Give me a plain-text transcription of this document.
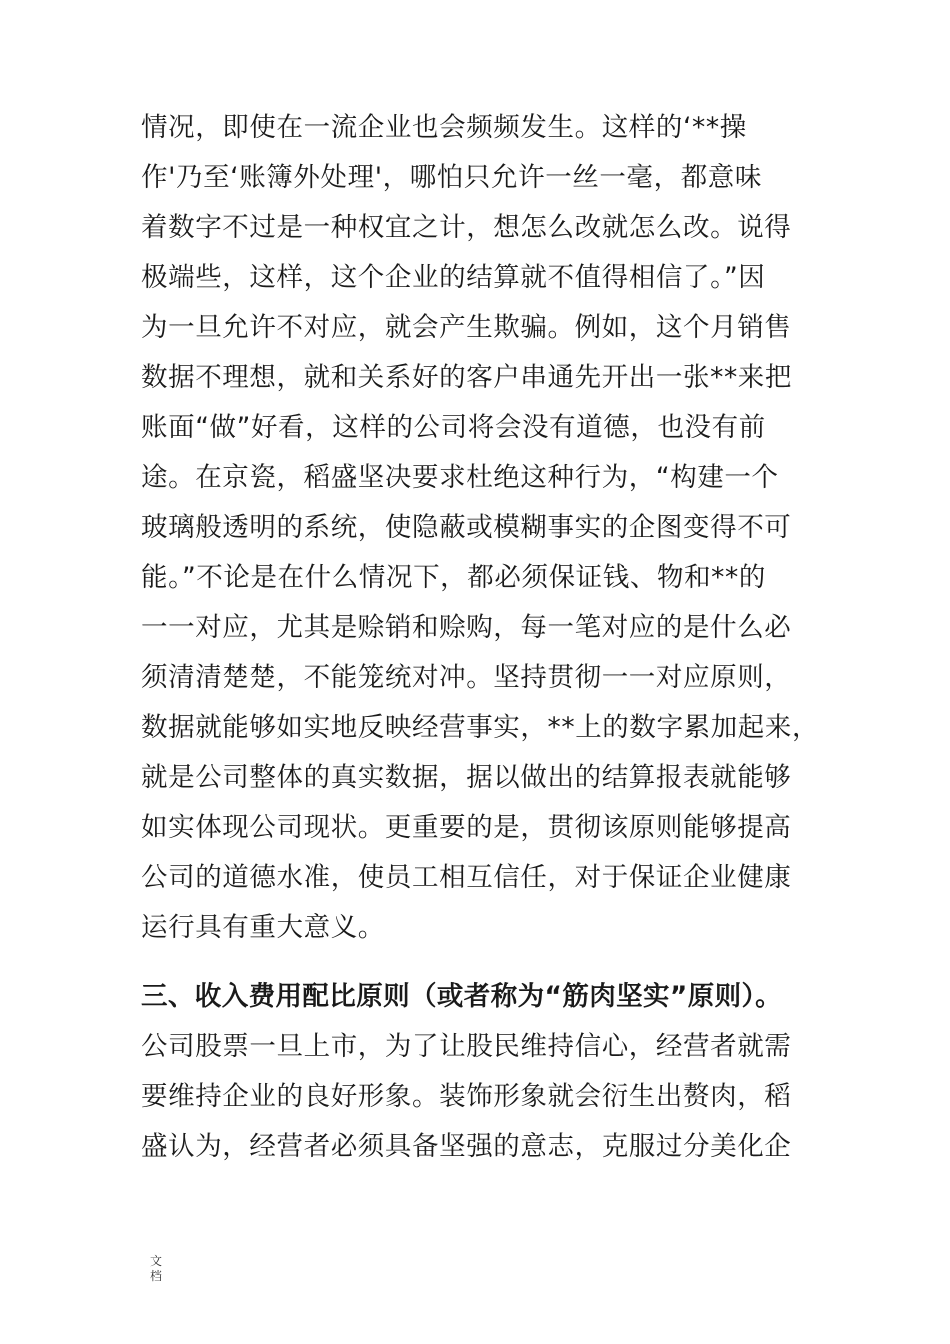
情况，即使在一流企业也会频频发生。这样的‘**操
作'乃至‘账簿外处理'，哪怕只允许一丝一毫，都意味
着数字不过是一种权宜之计，想怎么改就怎么改。说得
极端些，这样，这个企业的结算就不值得相信了。”因
为一旦允许不对应，就会产生欺骗。例如，这个月销售
数据不理想，就和关系好的客户串通先开出一张**来把
账面“做”好看，这样的公司将会没有道德，也没有前
途。在京瓷，稻盛坚决要求杜绝这种行为，“构建一个
玻璃般透明的系统，使隐蔽或模糊事实的企图变得不可
能。”不论是在什么情况下，都必须保证钱、物和**的
一一对应，尤其是赊销和赊购，每一笔对应的是什么必
须清清楚楚，不能笼统对冲。坚持贯彻一一对应原则，
数据就能够如实地反映经营事实，**上的数字累加起来，
就是公司整体的真实数据，据以做出的结算报表就能够
如实体现公司现状。更重要的是，贯彻该原则能够提高
公司的道德水准，使员工相互信任，对于保证企业健康
运行具有重大意义。
三、收入费用配比原则（或者称为“筋肉坚实”原则）。
公司股票一旦上市，为了让股民维持信心，经营者就需
要维持企业的良好形象。装饰形象就会衍生出赘肉，稻
盛认为，经营者必须具备坚强的意志，克服过分美化企
文
档
